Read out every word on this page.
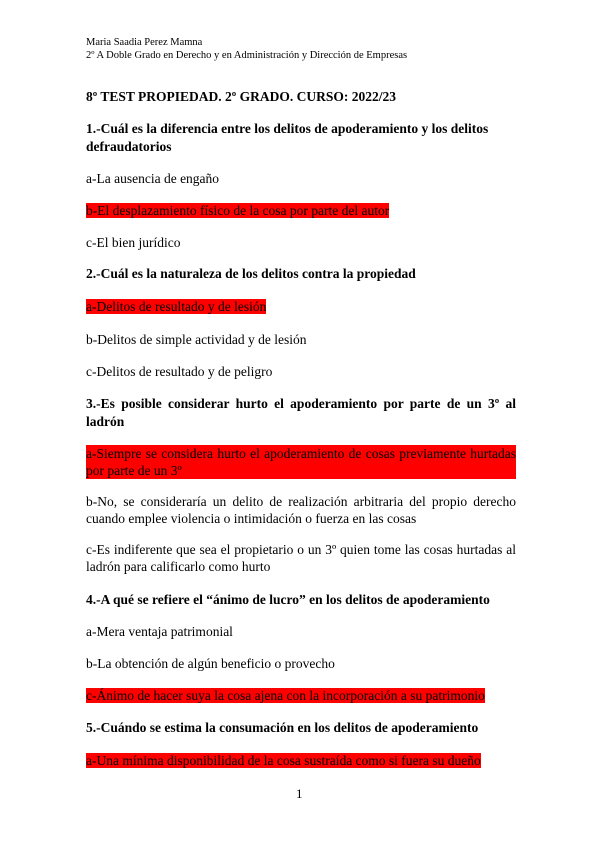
Maria Saadia Perez Mamna
2º A Doble Grado en Derecho y en Administración y Dirección de Empresas
8º TEST PROPIEDAD. 2º GRADO. CURSO: 2022/23
1.-Cuál es la diferencia entre los delitos de apoderamiento y los delitos defraudatorios
a-La ausencia de engaño
b-El desplazamiento físico de la cosa por parte del autor
c-El bien jurídico
2.-Cuál es la naturaleza de los delitos contra la propiedad
a-Delitos de resultado y de lesión
b-Delitos de simple actividad y de lesión
c-Delitos de resultado y de peligro
3.-Es posible considerar hurto el apoderamiento por parte de un 3º al ladrón
a-Siempre se considera hurto el apoderamiento de cosas previamente hurtadas por parte de un 3º
b-No, se consideraría un delito de realización arbitraria del propio derecho cuando emplee violencia o intimidación o fuerza en las cosas
c-Es indiferente que sea el propietario o un 3º quien tome las cosas hurtadas al ladrón para calificarlo como hurto
4.-A qué se refiere el “ánimo de lucro” en los delitos de apoderamiento
a-Mera ventaja patrimonial
b-La obtención de algún beneficio o provecho
c-Ánimo de hacer suya la cosa ajena con la incorporación a su patrimonio
5.-Cuándo se estima la consumación en los delitos de apoderamiento
a-Una mínima disponibilidad de la cosa sustraída como si fuera su dueño
1
